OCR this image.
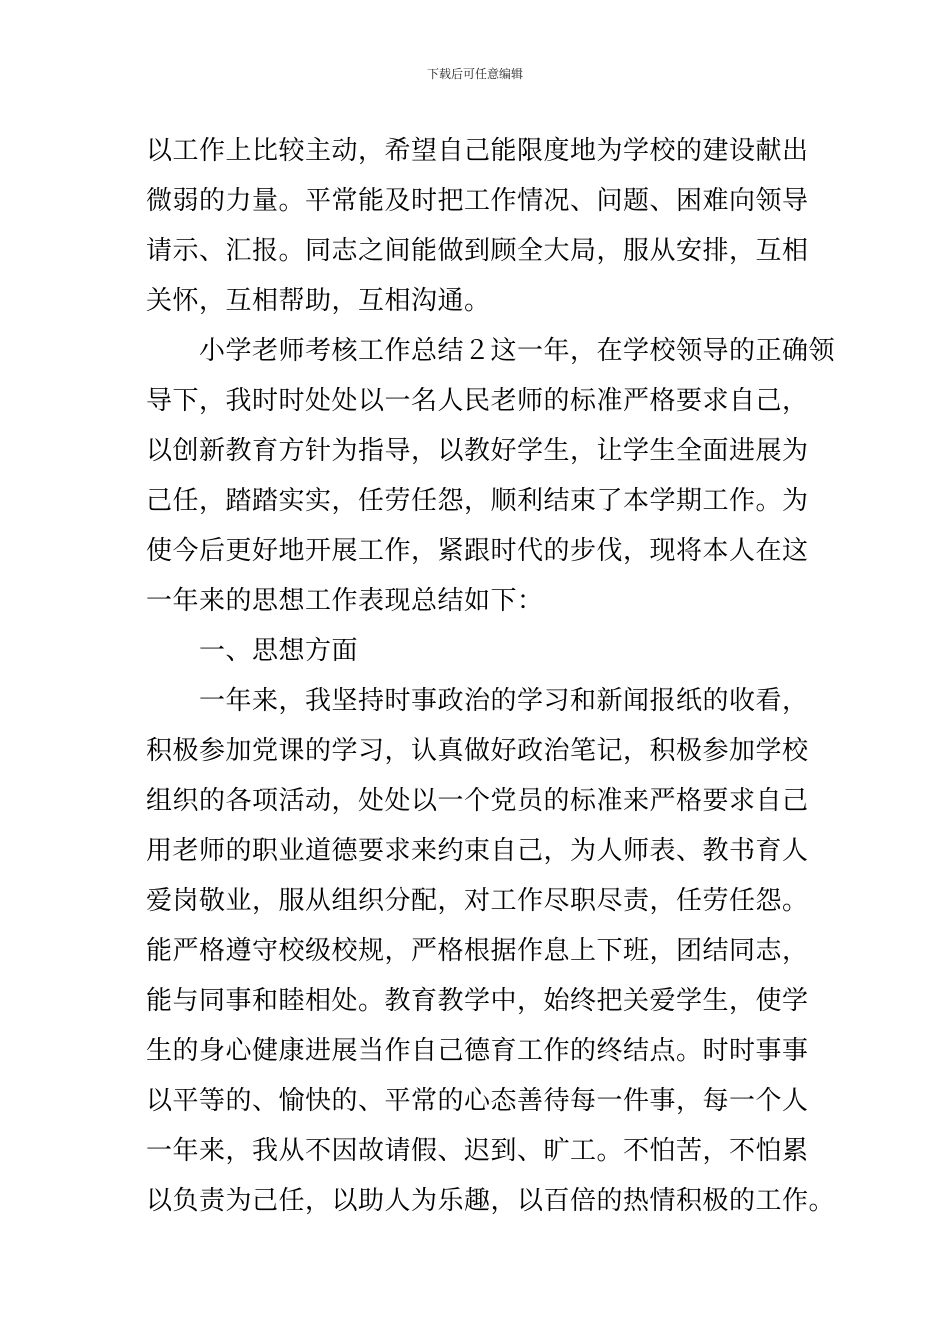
下载后可任意编辑
以工作上比较主动，希望自己能限度地为学校的建设献出
微弱的力量。平常能及时把工作情况、问题、困难向领导
请示、汇报。同志之间能做到顾全大局，服从安排，互相
关怀，互相帮助，互相沟通。
小学老师考核工作总结２这一年，在学校领导的正确领
导下，我时时处处以一名人民老师的标准严格要求自己，
以创新教育方针为指导，以教好学生，让学生全面进展为
己任，踏踏实实，任劳任怨，顺利结束了本学期工作。为
使今后更好地开展工作，紧跟时代的步伐，现将本人在这
一年来的思想工作表现总结如下：
一、思想方面
一年来，我坚持时事政治的学习和新闻报纸的收看，
积极参加党课的学习，认真做好政治笔记，积极参加学校
组织的各项活动，处处以一个党员的标准来严格要求自己
用老师的职业道德要求来约束自己，为人师表、教书育人
爱岗敬业，服从组织分配，对工作尽职尽责，任劳任怨。
能严格遵守校级校规，严格根据作息上下班，团结同志，
能与同事和睦相处。教育教学中，始终把关爱学生，使学
生的身心健康进展当作自己德育工作的终结点。时时事事
以平等的、愉快的、平常的心态善待每一件事，每一个人
一年来，我从不因故请假、迟到、旷工。不怕苦，不怕累
以负责为己任，以助人为乐趣，以百倍的热情积极的工作。
